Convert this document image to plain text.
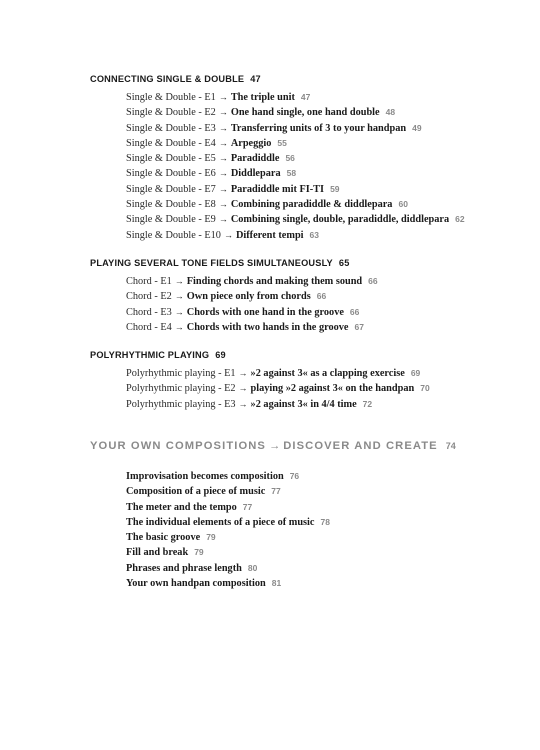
CONNECTING SINGLE & DOUBLE 47
Single & Double - E1 → The triple unit 47
Single & Double - E2 → One hand single, one hand double 48
Single & Double - E3 → Transferring units of 3 to your handpan 49
Single & Double - E4 → Arpeggio 55
Single & Double - E5 → Paradiddle 56
Single & Double - E6 → Diddlepara 58
Single & Double - E7 → Paradiddle mit FI-TI 59
Single & Double - E8 → Combining paradiddle & diddlepara 60
Single & Double - E9 → Combining single, double, paradiddle, diddlepara 62
Single & Double - E10 → Different tempi 63
PLAYING SEVERAL TONE FIELDS SIMULTANEOUSLY 65
Chord - E1 → Finding chords and making them sound 66
Chord - E2 → Own piece only from chords 66
Chord - E3 → Chords with one hand in the groove 66
Chord - E4 → Chords with two hands in the groove 67
POLYRHYTHMIC PLAYING 69
Polyrhythmic playing - E1 → »2 against 3« as a clapping exercise 69
Polyrhythmic playing - E2 → playing »2 against 3« on the handpan 70
Polyrhythmic playing - E3 → »2 against 3« in 4/4 time 72
YOUR OWN COMPOSITIONS → DISCOVER AND CREATE 74
Improvisation becomes composition 76
Composition of a piece of music 77
The meter and the tempo 77
The individual elements of a piece of music 78
The basic groove 79
Fill and break 79
Phrases and phrase length 80
Your own handpan composition 81
